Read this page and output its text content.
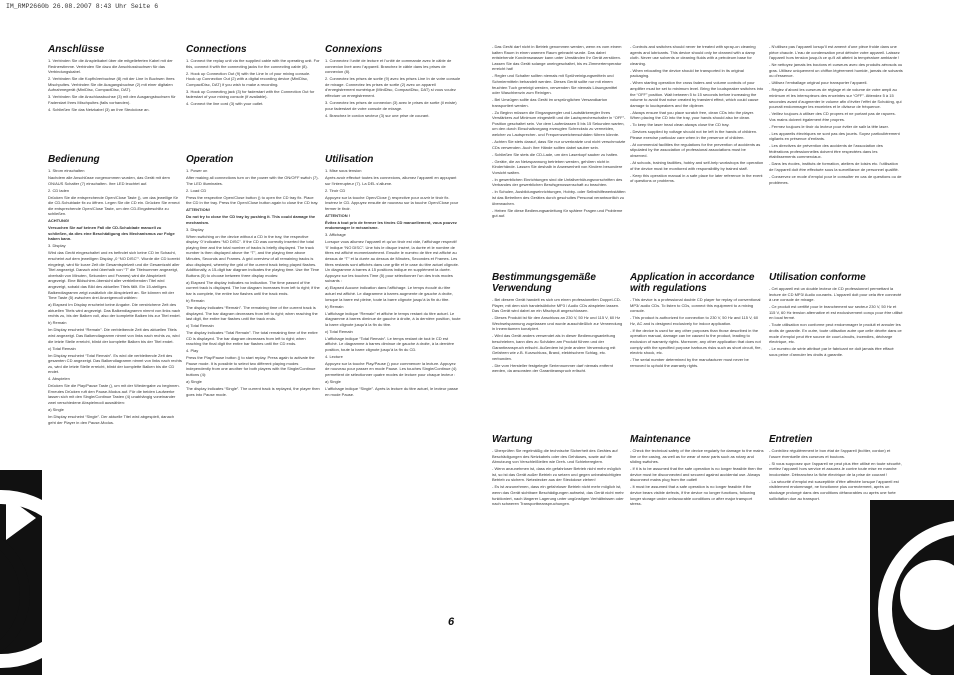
IM_RMP2660b 26.08.2007 8:43 Uhr Seite 6
Anschlüsse

1. Verbinden Sie die Anspielkabel über die mitgelieferten Kabel mit der Rednerstimme. Verbinden Sie dazu die Anschlussbuchsen für das Verbindungskabel.

2. Verbinden Sie die Kopfhörerbuchse (8) mit der Line In Buchsen Ihres Mischpultes. Verbinden Sie die Ausgangsbuchse (2) mit einer digitalen Aufnahmegerät (MiniDisc, CompactDisc, DAT).

3. Verbinden Sie die Anschlussbuchse (3) mit den Ausgangsbuchsen für Faderstart Ihres Mischpultes (falls vorhanden).

4. Schließen Sie das Netzkabel (3) an Ihre Steckdose an.

Connections

1. Connect the replay unit via the supplied cable with the operating unit. For this, connect it with the connecting jacks for the connecting cable (8).

2. Hook up Connection Out (9) with the Line In of your mixing console. Hook up Connection Out (2) with a digital recording device (MiniDisc, CompactDisc, DAT) if you wish to make a recording.

3. Hook up Connecting jack (3) for faderstart with the Connection Out for faderstart of your mixing console (if available).

4. Connect the line cord (3) with your outlet.

Connexions

1. Connectez l’unité de lecture et l’unité de commande avec le câble de connexion livré avec l’appareil. Branchez le câble dans les prises de connexion (8).

2. Connectez les prises de sortie (9) avec les prises Line In de votre console de mixage. Connectez les prises de sortie (2) avec un appareil d’enregistrement numérique (MiniDisc, CompactDisc, DAT) si vous voulez effectuer un enregistrement.

3. Connectez les prises de connexion (3) avec le prises de sortie (il existe) pour faderstart de votre console de mixage.

4. Branchez le cordon secteur (3) sur une prise de courant.

Bedienung

1. Strom einschalten

Nachdem alle Anschlüsse vorgenommen wurden, das Gerät mit dem ON/AUS Schalter (7) einschalten. Ihre LED leuchtet auf.

2. CD laden

Drücken Sie die entsprechende Open/Close Taste (), um das jeweilige für die CD-Schublade fix zu öffnen. Legen Sie die CD ein. Drücken Sie erneut die entsprechende Open/Close Taste, um den CD-Eingabeschlitz zu schließen.

ACHTUNG!

Versuchen Sie auf keinen Fall die CD-Schublade manuell zu schließen, da dies eine Beschädigung des Mechanismus zur Folge haben kann.

3. Display

Wird das Gerät eingeschaltet und es befindet sich keine CD im Schacht, erscheint auf dem jeweiligen Display „0 “NO DISC”“. Wurde die CD korrekt eingelegt, wird für kurze Zeit die Gesamtspielzeit und die Gesamtzahl aller Titel angezeigt. Danach wird überhalb von “T” die Titelnummer angezeigt, oberhalb von Minuten, Sekunden und Frames) wird die Abspielzeit angezeigt. Eine Bildschirm-übersicht aller verbleibenden Titel wird angezeigt, sobald das Bild des aktuellen Titels fällt. Ein 15-stelliges Balkendiagramm zeigt zusätzlich die Abspielzeit an. Sie können mit der Time Taste (5) zwischen drei Anzeigemodi wählen:

a) Elapsed Im Display erscheint keine Angabe. Die verstrichene Zeit des aktuellen Titels wird angezeigt. Das Balkendiagramm nimmt von links nach rechts zu, bis der Balken voll, also der komplette Balken bis zur Titel endet.

b) Remain

Im Display erscheint “Remain”. Die verbleibende Zeit des aktuellen Titels wird angezeigt. Das Balkendiagramm nimmt von links nach rechts zu, wird die letzte Stelle erreicht, blinkt der komplette Balken bis der Titel endet.

c) Total Remain

Im Display erscheint “Total Remain”. Es wird die verbleibende Zeit des gesamten CD angezeigt. Das Balkendiagramm nimmt von links nach rechts zu, wird die letzte Stelle erreicht, blinkt der komplette Balken bis die CD endet.

4. Abspielen

Drücken Sie die Play/Pause Taste (), um mit der Wiedergabe zu beginnen. Erneutes Drücken ruft den Pause-Modus auf. Für die beiden Laufwerke lassen sich mit den Single/Continue Tasten (4) unabhängig voneinander zwei verschiedene Abspielmodi auswählen:

a) Single

Im Display erscheint “Single”. Der aktuelle Titel wird abgespielt, danach geht der Player in den Pause-Modus.

Operation

1. Power on

After making all connections turn on the power with the ON/OFF switch (7). The LED illuminates.

2. Load CD

Press the respective Open/Close button () to open the CD tray fix. Place the CD in the tray. Press the Open/Close button again to close the CD tray.

ATTENTION!

Do not try to close the CD tray by pushing it. This could damage the mechanism.

3. Display

When switching on the device without a CD in the tray, the respective display ‘0’ indicates “NO DISC”. If the CD was correctly inserted the total playing time and the total number of tracks is briefly displayed. The track number is then displayed above the “T”, and the playing time above Minutes, Seconds and Frames. A grid overview of all remaining tracks is also displayed, whereby the grid of the current track being played flashes. Additionally, a 15-digit bar diagram indicates the playing time. Use the Time Buttons (5) to choose between three display modes:

a) Elapsed The display indicates no indication. The time passed of the current track is displayed. The bar diagram increases from left to right; if the bar is complete, the entire bar flashes until the track ends.

b) Remain

The display indicates “Remain”. The remaining time of the current track is displayed. The bar diagram decreases from left to right; when reaching the last digit, the entire bar flashes until the track ends.

c) Total Remain

The display indicates “Total Remain”. The total remaining time of the entire CD is displayed. The bar diagram decreases from left to right; when reaching the final digit the entire bar flashes until the CD ends.

4. Play

Press the Play/Pause button () to start replay. Press again to activate the Pause mode. It is possible to select two different playing modes independently from one another for both players with the Single/Continue buttons (4):

a) Single

The display indicates “Single”. The current track is replayed, the player then goes into Pause mode.

Utilisation

1. Mise sous tension

Après avoir effectué toutes les connexions, allumez l’appareil en appuyant sur l’interrupteur (7). La DEL s’allume.

2. Tiroir CD

Appuyez sur la touche Open/Close () respective pour ouvrir le tiroir fix. Insérez le CD. Appuyez ensuite de nouveau sur la touche Open/Close pour fermer le tiroir.

ATTENTION !

Évitez à tout prix de fermer les tiroirs CD manuellement, vous pouvez endommager le mécanisme.

3. Affichage

Lorsque vous allumez l’appareil et qu’un tiroir est vide, l’affichage respectif ‘0’ indique “NO DISC”. Une fois le disque inséré, la durée et le nombre de titres est affiché momentanément. Ensuite le numéro de titre est affiché au dessus de “T” et la durée au dessus de Minutes, Secondes et Frames. Les titres restants sont affichés dans une grille et le case du titre actuel clignote. Un diagramme à barres à 15 positions indique en supplément la durée. Appuyez sur les touches Time (5) pour sélectionner l’un des trois modes suivants :

a) Elapsed Aucune indication dans l’affichage. Le temps écoulé du titre actuel est affiché. Le diagramme à barres augmente de gauche à droite, lorsque la barre est pleine, toute la barre clignote jusqu’à la fin du titre.

b) Remain

L’affichage indique “Remain” et affiche le temps restant du titre actuel. Le diagramme à barres diminue de gauche à droite, à la dernière position, toute la barre clignote jusqu’à la fin du titre.

c) Total Remain

L’affichage indique “Total Remain”. Le temps restant de tout le CD est affiché. Le diagramme à barres diminue de gauche à droite, à la dernière position, toute la barre clignote jusqu’à la fin du CD.

4. Lecture

Appuyez sur la touche Play/Pause () pour commencer la lecture. Appuyez de nouveau pour passer en mode Pause. Les touches Single/Continue (4) permettent de sélectionner quatre modes de lecture pour chaque lecteur :

a) Single

L’affichage indique “Single”. Après la lecture du titre actuel, le lecteur passe en mode Pause.

6

- Das Gerät darf nicht in Betrieb genommen werden, wenn es vom einem kalten Raum in einen warmen Raum gebracht wurde. Das dabei entstehende Kondenswasser kann unter Umständen Ihr Gerät zerstören. Lassen Sie das Gerät solange uneingeschaltet, bis es Zimmertemperatur erreicht hat!

- Regler und Schalter sollten niemals mit Sprühreinigungsmitteln und Schmiermitteln behandelt werden. Dieses Gerät sollte nur mit einem feuchten Tuch gereinigt werden, verwenden Sie niemals Lösungsmittel oder Waschbenzin zum Reinigen.

- Bei Umzügen sollte das Gerät im ursprünglichen Versandkarton transportiert werden.

- Zu Beginn müssen die Eingangsregler und Lautstärkeregler Ihres Verstärkers auf Minimum eingestellt und die Lautsprecherschalter in “OFF”-Position geschaltet sein. Vor dem Laufenlassen 5 bis 15 Sekunden warten, um den durch Einschaltvorgang erzeugten Schrecksto zu vermeiden, welcher zu Lautsprecher- und Frequenzweichenschäden führen könnte.

- Achten Sie stets darauf, dass Sie nur unverkratzte und nicht verschmutzte CDs verwenden. Auch Ihre Hände sollten dabei sauber sein.

- Schließen Sie stets die CD-Lade, um den Laserkopf sauber zu halten.

- Geräte, die an Netzspannung betrieben werden, gehören nicht in Kinderhände. Lassen Sie deshalb in Anwesenheit von Kindern besondere Vorsicht walten.

- In gewerblichen Einrichtungen sind die Unfallverhütungsvorschriften des Verbandes der gewerblichen Berufsgenossenschaft zu beachten.

- In Schulen, Ausbildungseinrichtungen, Hobby- oder Selbsthilfewerkstätten ist das Betreiben des Gerätes durch geschultes Personal verantwortlich zu überwachen.

- Heben Sie diese Bedienungsanleitung für spätere Fragen und Probleme gut auf.

- Controls and switches should never be treated with spray-on cleaning agents and lubricants. This device should only be cleaned with a damp cloth. Never use solvents or cleaning fluids with a petroleum base for cleaning.

- When relocating the device should be transported in its original packaging.

- When starting operation the cross faders and volume controls of your amplifier must be set to minimum level. Bring the loudspeaker switches into the “OFF” position. Wait between 5 to 15 seconds before increasing the volume to avoid that noise created by transient effect, which could cause damage to loudspeakers and the diplexer.

- Always ensure that you place scratch free, clean CDs into the player. When placing the CD into the tray, your hands should also be clean.

- To keep the laser head clean always close the CD tray.

- Devices supplied by voltage should not be left in the hands of children. Please exercise particular care when in the presence of children.

- At commercial facilities the regulations for the prevention of accidents as stipulated by the association of professional associations must be observed.

- At schools, training facilities, hobby and self-help workshops the operation of the device must be monitored with responsibility by trained staff.

- Keep this operation manual in a safe place for later reference in the event of questions or problems.

- N’utilisez pas l’appareil lorsqu’il est amené d’une pièce froide dans une pièce chaude. L’eau de condensation peut détruire votre appareil. Laissez l’appareil hors tension jusqu’à ce qu’il ait atteint la température ambiante !

- Ne nettoyez jamais les boutons et curseurs avec des produits aérosols ou gras. Utilisez uniquement un chiffon légèrement humide, jamais de solvants ou d’essence.

- Utilisez l’emballage original pour transporter l’appareil.

- Réglez d’abord les curseurs de réglage et de volume de votre ampli au minimum et les interrupteurs des enceintes sur “OFF”. Attendez 5 à 15 secondes avant d’augmenter le volume afin d’éviter l’effet de Schoking, qui pourrait endommager les enceintes et le diviseur de fréquence.

- Veillez toujours à utiliser des CD propres et ne portant pas de rayures. Vos mains doivent également être propres.

- Fermez toujours le tiroir du lecteur pour éviter de salir la tête laser.

- Les appareils électriques ne sont pas des jouets. Soyez particulièrement vigilants en présence d’enfants.

- Les directives de prévention des accidents de l’association des fédérations professionnelles doivent être respectées dans les établissements commerciaux.

- Dans les écoles, instituts de formation, ateliers de loisirs etc. l’utilisation de l’appareil doit être effectuée sous la surveillance de personnel qualifié.

- Conservez ce mode d’emploi pour le consulter en cas de questions ou de problèmes.

Bestimmungsgemäße Verwendung

- Bei diesem Gerät handelt es sich um einen professionellen Doppel-CD-Player, mit dem sich handelsübliche MP3 / Audio CDs abspielen lassen. Das Gerät wird dabei an ein Mischpult angeschlossen.

- Dieses Produkt ist für den Anschluss an 230 V, 50 Hz und 115 V, 60 Hz Wechselspannung zugelassen und wurde ausschließlich zur Verwendung in Innenräumen konzipiert.

- Wird das Gerät anders verwendet als in dieser Bedienungsanleitung beschrieben, kann dies zu Schäden am Produkt führen und der Garantieanspruch erlischt. Außerdem ist jede andere Verwendung mit Gefahren wie z.B. Kurzschluss, Brand, elektrischem Schlag, etc. verbunden.

- Die vom Hersteller festgelegte Seriennummer darf niemals entfernt werden, da ansonsten der Garantieanspruch erlischt.

Application in accordance with regulations

- This device is a professional double CD player for replay of conventional MP3/ audio CDs. To listen to CDs, connect this equipment to a mixing console.

- This product is authorized for connection to 230 V, 50 Hz and 115 V, 60 Hz, AC and is designed exclusively for indoor application.

- If the device is used for any other purposes than those described in the operation manual, damage can be caused to the product, leading to exclusion of warranty rights. Moreover, any other application that does not comply with the specified purpose harbours risks such as short circuit, fire, electric shock, etc.

- The serial number determined by the manufacturer must never be removed to uphold the warranty rights.

Utilisation conforme

- Cet appareil est un double lecteur de CD professionnel permettant la lecture de CD MP3/ Audio courants. L’appareil doit pour cela être connecté à une console de mixage.

- Ce produit est certifié pour le branchement sur secteur 230 V, 50 Hz et 115 V, 60 Hz tension alternative et est exclusivement conçu pour être utilisé en local fermé.

- Toute utilisation non conforme peut endommager le produit et annuler les droits de garantie. En outre, toute utilisation autre que celle décrite dans ce mode d’emploi peut être source de court-circuits, incendies, décharge électrique, etc.

- Le numéro de série attribué par le fabricant ne doit jamais être effacé sous peine d’annuler les droits à garantie.

Wartung

- Überprüfen Sie regelmäßig die technische Sicherheit des Gerätes auf Beschädigungen des Netzkabels oder des Gehäuses, sowie auf die Abnutzung von Verschleißteilen wie Dreh- und Schiebereglern.

- Wenn anzunehmen ist, dass ein gefahrloser Betrieb nicht mehr möglich ist, so ist das Gerät außer Betrieb zu setzen und gegen unbeabsichtigten Betrieb zu sichern. Netzstecker aus der Steckdose ziehen!

- Es ist anzunehmen, dass ein gefahrloser Betrieb nicht mehr möglich ist, wenn das Gerät sichtbare Beschädigungen aufweist, das Gerät nicht mehr funktioniert, nach längerer Lagerung unter ungünstigen Verhältnissen oder nach schweren Transportbeanspruchungen.

Maintenance

- Check the technical safety of the device regularly for damage to the mains line or the casing, as well as for wear of wear parts such as rotary and sliding switches.

- If it is to be assumed that the safe operation is no longer feasible then the device must be disconnected and secured against accidental use. Always disconnect mains plug from the outlet!

- It must be assumed that a safe operation is no longer feasible if the device bears visible defects, if the device no longer functions, following longer storage under unfavourable conditions or after major transport stress.

Entretien

- Contrôlez régulièrement le bon état de l’appareil (boîtier, cordon) et l’usure éventuelle des curseurs et boutons.

- Si vous supposez que l’appareil ne peut plus être utilisé en toute sécurité, mettez l’appareil hors service et assurez-le contre toute mise en marche involontaire. Débranchez la fiche électrique de la prise de courant !

- La sécurité d’emploi est susceptible d’être affectée lorsque l’appareil est visiblement endommagé, ne fonctionne plus correctement, après un stockage prolongé dans des conditions défavorables ou après une forte sollicitation due au transport.
